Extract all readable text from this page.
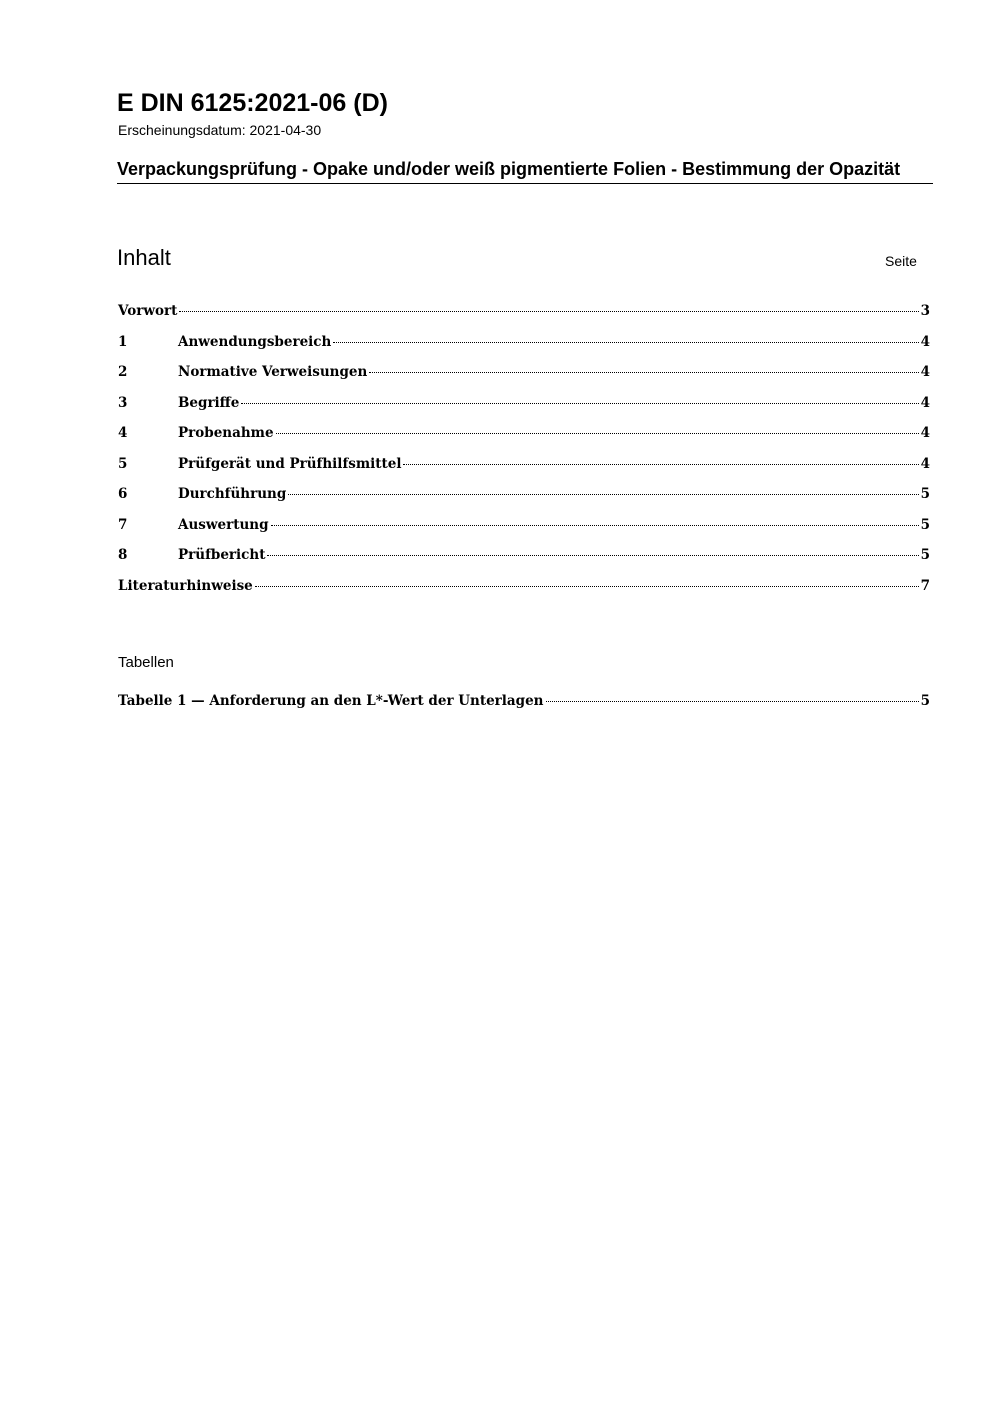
E DIN 6125:2021-06 (D)
Erscheinungsdatum: 2021-04-30
Verpackungsprüfung - Opake und/oder weiß pigmentierte Folien - Bestimmung der Opazität
Inhalt	Seite
Vorwort	3
1	Anwendungsbereich	4
2	Normative Verweisungen	4
3	Begriffe	4
4	Probenahme	4
5	Prüfgerät und Prüfhilfsmittel	4
6	Durchführung	5
7	Auswertung	5
8	Prüfbericht	5
Literaturhinweise	7
Tabellen
Tabelle 1 — Anforderung an den L*-Wert der Unterlagen	5
